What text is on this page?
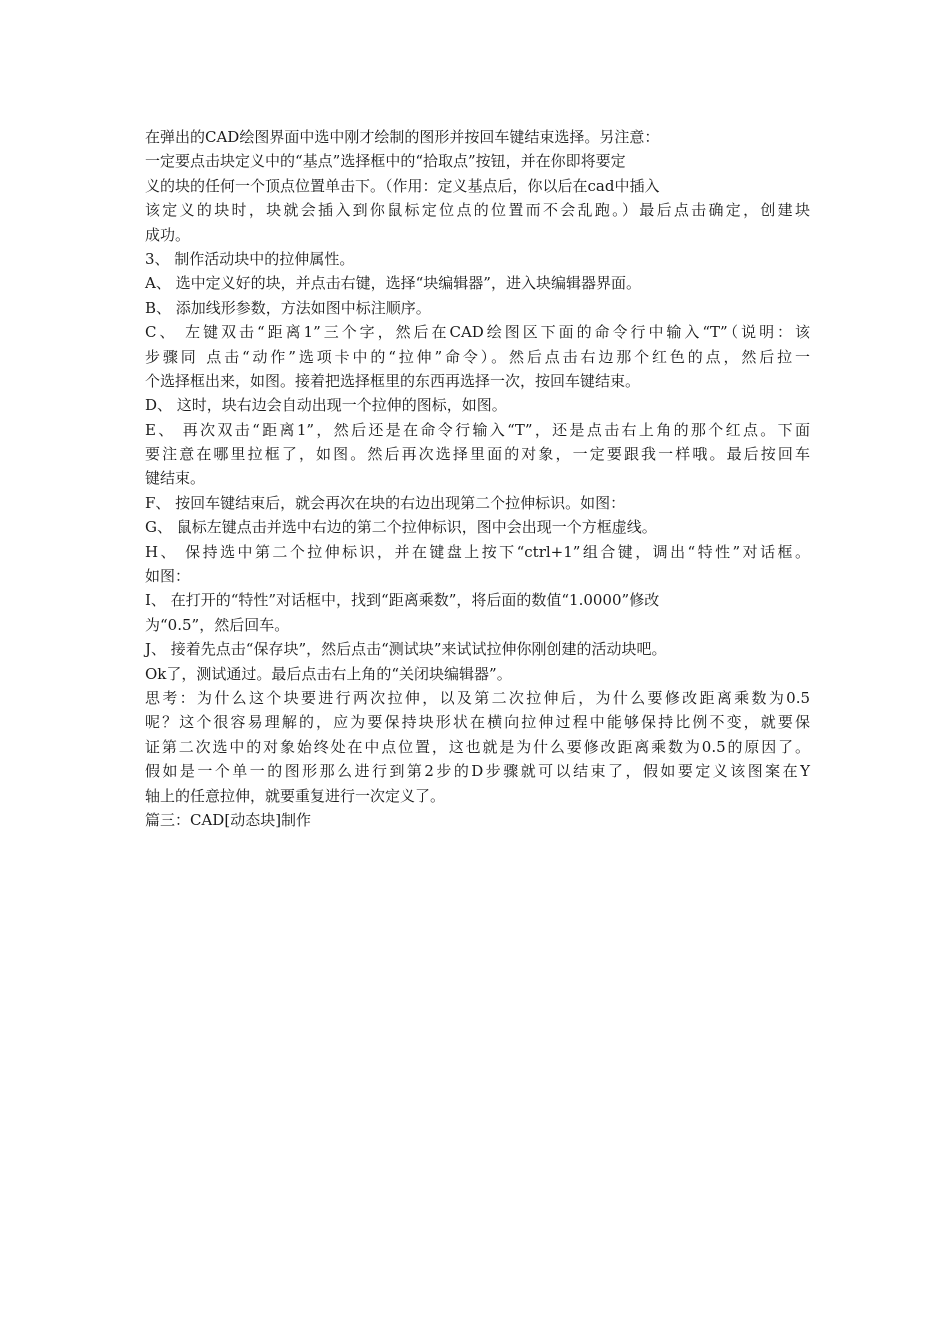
在弹出的CAD绘图界面中选中刚才绘制的图形并按回车键结束选择。另注意：
一定要点击块定义中的“基点”选择框中的“拾取点”按钮，并在你即将要定
义的块的任何一个顶点位置单击下。（作用：定义基点后，你以后在cad中插入
该定义的块时，块就会插入到你鼠标定位点的位置而不会乱跑。）最后点击确定，创建块
成功。
3、 制作活动块中的拉伸属性。
A、 选中定义好的块，并点击右键，选择“块编辑器”，进入块编辑器界面。
B、 添加线形参数，方法如图中标注顺序。
C、 左键双击“距离1”三个字，然后在CAD绘图区下面的命令行中输入“T”（说明：该
步骤同 点击“动作”选项卡中的“拉伸”命令）。然后点击右边那个红色的点，然后拉一
个选择框出来，如图。接着把选择框里的东西再选择一次，按回车键结束。
D、 这时，块右边会自动出现一个拉伸的图标，如图。
E、 再次双击“距离1”，然后还是在命令行输入“T”，还是点击右上角的那个红点。下面
要注意在哪里拉框了，如图。然后再次选择里面的对象，一定要跟我一样哦。最后按回车
键结束。
F、 按回车键结束后，就会再次在块的右边出现第二个拉伸标识。如图：
G、 鼠标左键点击并选中右边的第二个拉伸标识，图中会出现一个方框虚线。
H、 保持选中第二个拉伸标识，并在键盘上按下“ctrl+1”组合键，调出“特性”对话框。
如图：
I、 在打开的“特性”对话框中，找到“距离乘数”，将后面的数值“1.0000”修改
为“0.5”，然后回车。
J、 接着先点击“保存块”，然后点击“测试块”来试试拉伸你刚创建的活动块吧。
Ok了，测试通过。最后点击右上角的“关闭块编辑器”。
思考：为什么这个块要进行两次拉伸，以及第二次拉伸后，为什么要修改距离乘数为0.5
呢？这个很容易理解的，应为要保持块形状在横向拉伸过程中能够保持比例不变，就要保
证第二次选中的对象始终处在中点位置，这也就是为什么要修改距离乘数为0.5的原因了。
假如是一个单一的图形那么进行到第2步的D步骤就可以结束了，假如要定义该图案在Y
轴上的任意拉伸，就要重复进行一次定义了。
篇三：CAD[动态块]制作
